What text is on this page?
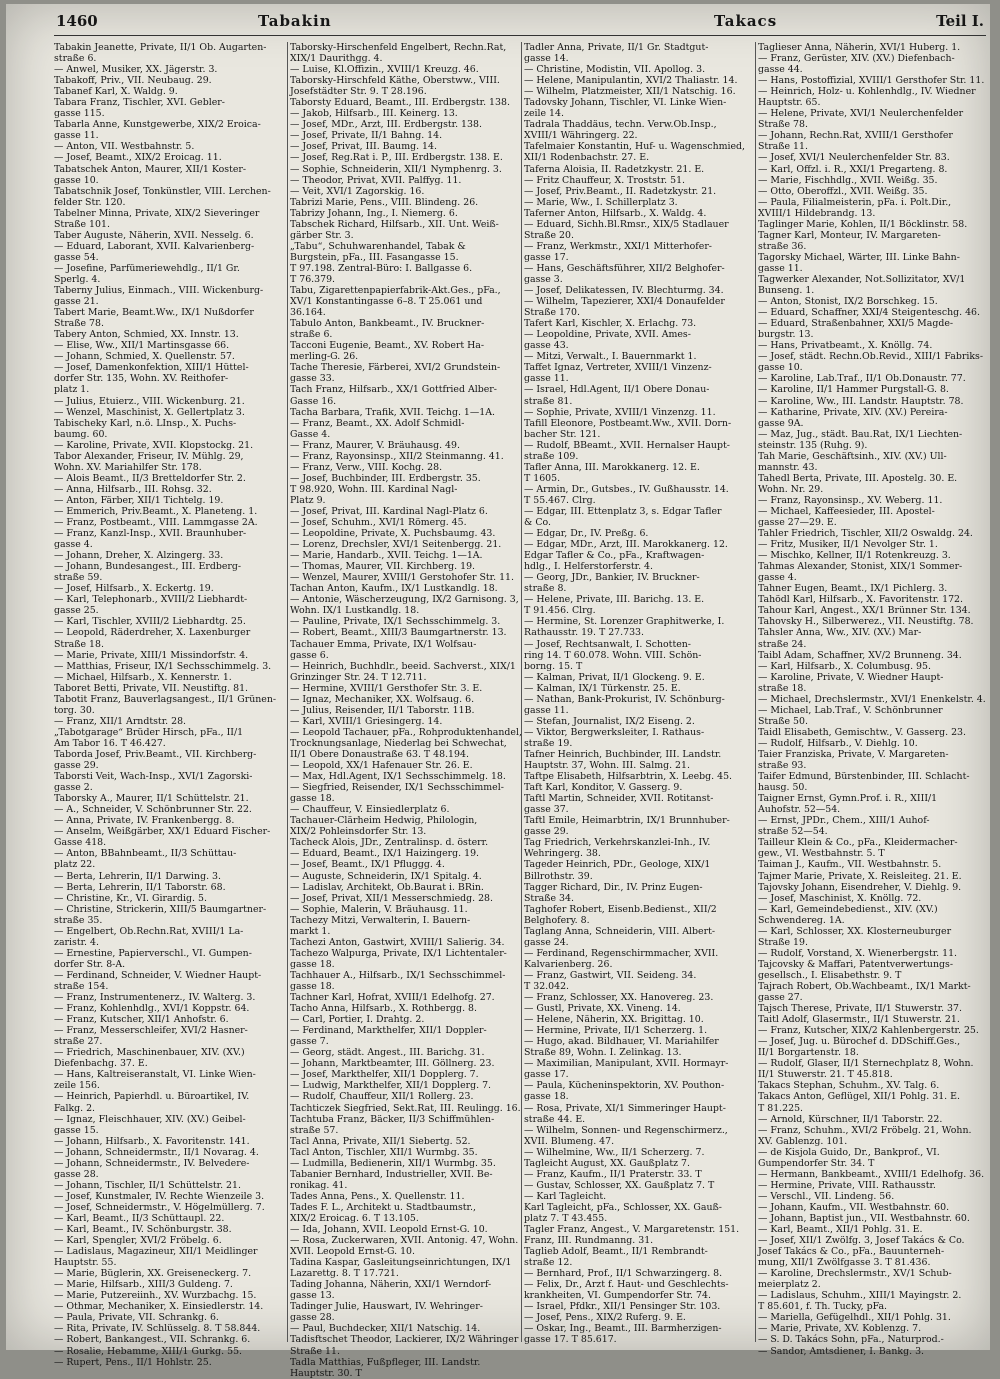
1460	Tabakin	Takacs	Teil I.
Tabakin Jeanette, Private, II/1 Ob. Augarten-
straße 6.
— Anwel, Musiker, XX. Jägerstr. 3.
Tabakoff, Priv., VII. Neubaug. 29.
Tabanef Karl, X. Waldg. 9.
Tabara Franz, Tischler, XVI. Gebler-
gasse 115.
Tabarla Anne, Kunstgewerbe, XIX/2 Eroica-
gasse 11.
— Anton, VII. Westbahnstr. 5.
— Josef, Beamt., XIX/2 Eroicag. 11.
Tabatschek Anton, Maurer, XII/1 Koster-
gasse 10.
Tabatschnik Josef, Tonkünstler, VIII. Lerchen-
felder Str. 120.
Tabelner Minna, Private, XIX/2 Sieveringer
Straße 101.
Taber Auguste, Näherin, XVII. Nesselg. 6.
— Eduard, Laborant, XVII. Kalvarienberg-
gasse 54.
— Josefine, Parfümeriewehdlg., II/1 Gr.
Sperlg. 4.
Taberny Julius, Einmach., VIII. Wickenburg-
gasse 21.
Tabert Marie, Beamt.Ww., IX/1 Nußdorfer
Straße 78.
Tabery Anton, Schmied, XX. Innstr. 13.
— Elise, Ww., XII/1 Martinsgasse 66.
— Johann, Schmied, X. Quellenstr. 57.
— Josef, Damenkonfektion, XIII/1 Hüttel-
dorfer Str. 135, Wohn. XV. Reithofer-
platz 1.
— Julius, Etuierz., VIII. Wickenburg. 21.
— Wenzel, Maschinist, X. Gellertplatz 3.
Tabischeky Karl, n.ö. LInsp., X. Puchs-
baumg. 60.
— Karoline, Private, XVII. Klopstockg. 21.
Tabor Alexander, Friseur, IV. Mühlg. 29,
Wohn. XV. Mariahilfer Str. 178.
— Alois Beamt., II/3 Bretteldorfer Str. 2.
— Anna, Hilfsarb., III. Rohsg. 32.
— Anton, Färber, XII/1 Tichtelg. 19.
— Emmerich, Priv.Beamt., X. Planeteng. 1.
— Franz, Postbeamt., VIII. Lammgasse 2A.
— Franz, Kanzl-Insp., XVII. Braunhuber-
gasse 4.
— Johann, Dreher, X. Alzingerg. 33.
— Johann, Bundesangest., III. Erdberg-
straße 59.
— Josef, Hilfsarb., X. Eckertg. 19.
— Karl, Telephonarb., XVIII/2 Liebhardt-
gasse 25.
— Karl, Tischler, XVIII/2 Liebhardtg. 25.
— Leopold, Räderdreher, X. Laxenburger
Straße 18.
— Marie, Private, XIII/1 Missindorfstr. 4.
— Matthias, Friseur, IX/1 Sechsschimmelg. 3.
— Michael, Hilfsarb., X. Kennerstr. 1.
Taboret Betti, Private, VII. Neustiftg. 81.
Tabotit Franz, Bauverlagsangest., II/1 Grünen-
torg. 30.
— Franz, XII/1 Arndtstr. 28.
„Tabotgarage“ Brüder Hirsch, pFa., II/1
Am Tabor 16. T 46.427.
Taborda Josef, Priv.Beamt., VII. Kirchberg-
gasse 29.
Taborsti Veit, Wach-Insp., XVI/1 Zagorski-
gasse 2.
Taborsky A., Maurer, II/1 Schüttelstr. 21.
— A., Schneider, V. Schönbrunner Str. 22.
— Anna, Private, IV. Frankenbergg. 8.
— Anselm, Weißgärber, XX/1 Eduard Fischer-
Gasse 418.
— Anton, BBahnbeamt., II/3 Schüttau-
platz 22.
— Berta, Lehrerin, II/1 Darwing. 3.
— Berta, Lehrerin, II/1 Taborstr. 68.
— Christine, Kr., VI. Girardig. 5.
— Christine, Strickerin, XIII/5 Baumgartner-
straße 35.
— Engelbert, Ob.Rechn.Rat, XVIII/1 La-
zaristr. 4.
— Ernestine, Papierverschl., VI. Gumpen-
dorfer Str. 8-A.
— Ferdinand, Schneider, V. Wiedner Haupt-
straße 154.
— Franz, Instrumentenerz., IV. Walterg. 3.
— Franz, Kohlenhdlg., XVI/1 Koppstr. 64.
— Franz, Kutscher, XII/1 Anhofstr. 6.
— Franz, Messerschleifer, XVI/2 Hasner-
straße 27.
— Friedrich, Maschinenbauer, XIV. (XV.)
Diefenbachg. 37. E.
— Hans, Kaltreiseranstalt, VI. Linke Wien-
zeile 156.
— Heinrich, Papierhdl. u. Büroartikel, IV.
Falkg. 2.
— Ignaz, Fleischhauer, XIV. (XV.) Geibel-
gasse 15.
— Johann, Hilfsarb., X. Favoritenstr. 141.
— Johann, Schneidermstr., II/1 Novarag. 4.
— Johann, Schneidermstr., IV. Belvedere-
gasse 28.
— Johann, Tischler, II/1 Schüttelstr. 21.
— Josef, Kunstmaler, IV. Rechte Wienzeile 3.
— Josef, Schneidermstr., V. Högelmüllerg. 7.
— Karl, Beamt., II/3 Schüttaupl. 22.
— Karl, Beamt., IV. Schönburgstr. 38.
— Karl, Spengler, XVI/2 Fröbelg. 6.
— Ladislaus, Magazineur, XII/1 Meidlinger
Hauptstr. 55.
— Marie, Büglerin, XX. Greiseneckerg. 7.
— Marie, Hilfsarb., XIII/3 Guldeng. 7.
— Marie, Putzereiinh., XV. Wurzbachg. 15.
— Othmar, Mechaniker, X. Einsiedlerstr. 14.
— Paula, Private, VII. Schrankg. 6.
— Rita, Private, IV. Schlüsselg. 8. T 58.844.
— Robert, Bankangest., VII. Schrankg. 6.
— Rosalie, Hebamme, XIII/1 Gurkg. 55.
— Rupert, Pens., II/1 Hohlstr. 25.
Taborsky-Hirschenfeld Engelbert, Rechn.Rat,
XIX/1 Daurithgg. 4.
— Luise, Kl.Offizin., XVIII/1 Kreuzg. 46.
Taborsky-Hirschfeld Käthe, Oberstww., VIII.
Josefstädter Str. 9. T 28.196.
Taborsty Eduard, Beamt., III. Erdbergstr. 138.
— Jakob, Hilfsarb., III. Keinerg. 13.
— Josef, MDr., Arzt, III. Erdbergstr. 138.
— Josef, Private, II/1 Bahng. 14.
— Josef, Privat, III. Baumg. 14.
— Josef, Reg.Rat i. P., III. Erdbergstr. 138. E.
— Sophie, Schneiderin, XII/1 Nymphenrg. 3.
— Theodor, Privat, XVII. Palffyg. 11.
— Veit, XVI/1 Zagorskig. 16.
Tabrizi Marie, Pens., VIII. Blindeng. 26.
Tabrizy Johann, Ing., I. Niemerg. 6.
Tabschek Richard, Hilfsarb., XII. Unt. Weiß-
gärber Str. 3.
„Tabu“, Schuhwarenhandel, Tabak &
Burgstein, pFa., III. Fasangasse 15.
T 97.198. Zentral-Büro: I. Ballgasse 6.
T 76.379.
Tabu, Zigarettenpapierfabrik-Akt.Ges., pFa.,
XV/1 Konstantingasse 6–8. T 25.061 und
36.164.
Tabulo Anton, Bankbeamt., IV. Bruckner-
straße 6.
Tacconi Eugenie, Beamt., XV. Robert Ha-
merling-G. 26.
Tache Theresie, Färberei, XVI/2 Grundstein-
gasse 33.
Tach Franz, Hilfsarb., XX/1 Gottfried Alber-
Gasse 16.
Tacha Barbara, Trafik, XVII. Teichg. 1—1A.
— Franz, Beamt., XX. Adolf Schmidl-
Gasse 4.
— Franz, Maurer, V. Bräuhausg. 49.
— Franz, Rayonsinsp., XII/2 Steinmanng. 41.
— Franz, Verw., VIII. Kochg. 28.
— Josef, Buchbinder, III. Erdbergstr. 35.
T 98.920, Wohn. III. Kardinal Nagl-
Platz 9.
— Josef, Privat, III. Kardinal Nagl-Platz 6.
— Josef, Schuhm., XVI/1 Römerg. 45.
— Leopoldine, Private, X. Puchsbaumg. 43.
— Lorenz, Drechsler, XVI/1 Seitenbergg. 21.
— Marie, Handarb., XVII. Teichg. 1—1A.
— Thomas, Maurer, VII. Kirchberg. 19.
— Wenzel, Maurer, XVIII/1 Gerstohofer Str. 11.
Tachan Anton, Kaufm., IX/1 Lustkandlg. 18.
— Antonie, Wäscherzeugung, IX/2 Garnisong. 3,
Wohn. IX/1 Lustkandlg. 18.
— Pauline, Private, IX/1 Sechsschimmelg. 3.
— Robert, Beamt., XIII/3 Baumgartnerstr. 13.
Tachauer Emma, Private, IX/1 Wolfsau-
gasse 6.
— Heinrich, Buchhdlr., beeid. Sachverst., XIX/1
Grinzinger Str. 24. T 12.711.
— Hermine, XVIII/1 Gersthofer Str. 3. E.
— Ignaz, Mechaniker, XX. Wolfsaug. 6.
— Julius, Reisender, II/1 Taborstr. 11B.
— Karl, XVIII/1 Griesingerg. 14.
— Leopold Tachauer, pFa., Rohproduktenhandel,
Trocknungsanlage, Niederlag bei Schwechat,
II/1 Obere Donaustraße 63. T 48.194.
— Leopold, XX/1 Hafenauer Str. 26. E.
— Max, Hdl.Agent, IX/1 Sechsschimmelg. 18.
— Siegfried, Reisender, IX/1 Sechsschimmel-
gasse 18.
— Chauffeur, V. Einsiedlerplatz 6.
Tachauer-Clärheim Hedwig, Philologin,
XIX/2 Pohleinsdorfer Str. 13.
Tacheck Alois, JDr., Zentralinsp. d. österr.
— Eduard, Beamt., IX/1 Haizingerg. 19.
— Josef, Beamt., IX/1 Pfluggg. 4.
— Auguste, Schneiderin, IX/1 Spitalg. 4.
— Ladislav, Architekt, Ob.Baurat i. BRin.
— Josef, Privat, XII/1 Messerschmiedg. 28.
— Sophie, Malerin, V. Bräuhausg. 11.
Tachezy Mitzi, Verwalterin, I. Bauern-
markt 1.
Tachezi Anton, Gastwirt, XVIII/1 Salierig. 34.
Tachezo Walpurga, Private, IX/1 Lichtentaler-
gasse 18.
Tachhauer A., Hilfsarb., IX/1 Sechsschimmel-
gasse 18.
Tachner Karl, Hofrat, XVIII/1 Edelhofg. 27.
Tacho Anna, Hilfsarb., X. Rothbergg. 8.
— Carl, Portier, I. Drahtg. 2.
— Ferdinand, Markthelfer, XII/1 Doppler-
gasse 7.
— Georg, städt. Angest., III. Barichg. 31.
— Johann, Marktbeamter, III. Göllnerg. 23.
— Josef, Markthelfer, XII/1 Dopplerg. 7.
— Ludwig, Markthelfer, XII/1 Dopplerg. 7.
— Rudolf, Chauffeur, XII/1 Rollerg. 23.
Tachticzek Siegfried, Sekt.Rat, III. Reulingg. 16.
Tachtuba Franz, Bäcker, II/3 Schiffmühlen-
straße 57.
Tacl Anna, Private, XII/1 Siebertg. 52.
Tacl Anton, Tischler, XII/1 Wurmbg. 35.
— Ludmilla, Bedienerin, XII/1 Wurmbg. 35.
Tabanier Bernhard, Industrieller, XVII. Be-
ronikag. 41.
Tades Anna, Pens., X. Quellenstr. 11.
Tades F. L., Architekt u. Stadtbaumstr.,
XIX/2 Eroicag. 6. T 13.105.
— Ida, Johann, XVII. Leopold Ernst-G. 10.
— Rosa, Zuckerwaren, XVII. Antonig. 47, Wohn.
XVII. Leopold Ernst-G. 10.
Tadina Kaspar, Gasleitungseinrichtungen, IX/1
Lazarettg. 8. T 17.721.
Tading Johanna, Näherin, XXI/1 Werndorf-
gasse 13.
Tadinger Julie, Hauswart, IV. Wehringer-
gasse 28.
— Paul, Buchdecker, XII/1 Natschig. 14.
Tadisftschet Theodor, Lackierer, IX/2 Währinger
Straße 11.
Tadla Matthias, Fußpfleger, III. Landstr.
Hauptstr. 30. T
Tadler Anna, Private, II/1 Gr. Stadtgut-
gasse 14.
— Christine, Modistin, VII. Apollog. 3.
— Helene, Manipulantin, XVI/2 Thaliastr. 14.
— Wilhelm, Platzmeister, XII/1 Natschig. 16.
Tadovsky Johann, Tischler, VI. Linke Wien-
zeile 14.
Tadrala Thaddäus, techn. Verw.Ob.Insp.,
XVIII/1 Währingerg. 22.
Tafelmaier Konstantin, Huf- u. Wagenschmied,
XII/1 Rodenbachstr. 27. E.
Taferna Aloisia, II. Radetzkystr. 21. E.
— Fritz Chauffeur, X. Troststr. 51.
— Josef, Priv.Beamt., II. Radetzkystr. 21.
— Marie, Ww., I. Schillerplatz 3.
Taferner Anton, Hilfsarb., X. Waldg. 4.
— Eduard, Sichh.Bl.Rmsr., XIX/5 Stadlauer
Straße 20.
— Franz, Werkmstr., XXI/1 Mitterhofer-
gasse 17.
— Hans, Geschäftsführer, XII/2 Belghofer-
gasse 3.
— Josef, Delikatessen, IV. Blechturmg. 34.
— Wilhelm, Tapezierer, XXI/4 Donaufelder
Straße 170.
Tafert Karl, Kischler, X. Erlachg. 73.
— Leopoldine, Private, XVII. Ames-
gasse 43.
— Mitzi, Verwalt., I. Bauernmarkt 1.
Taffet Ignaz, Vertreter, XVIII/1 Vinzenz-
gasse 11.
— Israel, Hdl.Agent, II/1 Obere Donau-
straße 81.
— Sophie, Private, XVIII/1 Vinzenzg. 11.
Tafill Eleonore, Postbeamt.Ww., XVII. Dorn-
bacher Str. 121.
— Rudolf, BBeamt., XVII. Hernalser Haupt-
straße 109.
Tafler Anna, III. Marokkanerg. 12. E.
T 1605.
— Armin, Dr., Gutsbes., IV. Gußhausstr. 14.
T 55.467. Clrg.
— Edgar, III. Ettenplatz 3, s. Edgar Tafler
& Co.
— Edgar, Dr., IV. Preßg. 6.
— Edgar, MDr., Arzt, III. Marokkanerg. 12.
Edgar Tafler & Co., pFa., Kraftwagen-
hdlg., I. Helferstorferstr. 4.
— Georg, JDr., Bankier, IV. Bruckner-
straße 8.
— Helene, Private, III. Barichg. 13. E.
T 91.456. Clrg.
— Hermine, St. Lorenzer Graphitwerke, I.
Rathausstr. 19. T 27.733.
— Josef, Rechtsanwalt, I. Schotten-
ring 14. T 60.078. Wohn. VIII. Schön-
borng. 15. T
— Kalman, Privat, II/1 Glockeng. 9. E.
— Kalman, IX/1 Türkenstr. 25. E.
— Nathan, Bank-Prokurist, IV. Schönburg-
gasse 11.
— Stefan, Journalist, IX/2 Eiseng. 2.
— Viktor, Bergwerksleiter, I. Rathaus-
straße 19.
Tafner Heinrich, Buchbinder, III. Landstr.
Hauptstr. 37, Wohn. III. Salmg. 21.
Taftpe Elisabeth, Hilfsarbtrin, X. Leebg. 45.
Taft Karl, Konditor, V. Gasserg. 9.
Taftl Martin, Schneider, XVII. Rotitanst-
gasse 37.
Taftl Emile, Heimarbtrin, IX/1 Brunnhuber-
gasse 29.
Tag Friedrich, Verkehrskanzlei-Inh., IV.
Wehringerg. 38.
Tageder Heinrich, PDr., Geologe, XIX/1
Billrothstr. 39.
Tagger Richard, Dir., IV. Prinz Eugen-
Straße 34.
Taghofer Robert, Eisenb.Bedienst., XII/2
Belghofery. 8.
Taglang Anna, Schneiderin, VIII. Albert-
gasse 24.
— Ferdinand, Regenschirmmacher, XVII.
Kalvarienberg. 26.
— Franz, Gastwirt, VII. Seideng. 34.
T 32.042.
— Franz, Schlosser, XX. Hanovereg. 23.
— Gustl, Private, XX. Vineng. 14.
— Helene, Näherin, XX. Brigittag. 10.
— Hermine, Private, II/1 Scherzerg. 1.
— Hugo, akad. Bildhauer, VI. Mariahilfer
Straße 89, Wohn. I. Zelinkag. 13.
— Maximilian, Manipulant, XVII. Hormayr-
gasse 17.
— Paula, Kücheninspektorin, XV. Pouthon-
gasse 18.
— Rosa, Private, XI/1 Simmeringer Haupt-
straße 44. E.
— Wilhelm, Sonnen- und Regenschirmerz.,
XVII. Blumeng. 47.
— Wilhelmine, Ww., II/1 Scherzerg. 7.
Tagleicht August, XX. Gaußplatz 7.
— Franz, Kaufm., II/1 Praterstr. 33. T
— Gustav, Schlosser, XX. Gaußplatz 7. T
— Karl Tagleicht.
Karl Tagleicht, pFa., Schlosser, XX. Gauß-
platz 7. T 43.455.
Tagler Franz, Angest., V. Margaretenstr. 151.
Franz, III. Rundmanng. 31.
Taglieb Adolf, Beamt., II/1 Rembrandt-
straße 12.
— Bernhard, Prof., II/1 Schwarzingerg. 8.
— Felix, Dr., Arzt f. Haut- und Geschlechts-
krankheiten, VI. Gumpendorfer Str. 74.
— Israel, Pfdkr., XII/1 Pensinger Str. 103.
— Josef, Pens., XIX/2 Ruferg. 9. E.
— Oskar, Ing., Beamt., III. Barmherzigen-
gasse 17. T 85.617.
Taglieser Anna, Näherin, XVI/1 Huberg. 1.
— Franz, Gerüster, XIV. (XV.) Diefenbach-
gasse 44.
— Hans, Postoffizial, XVIII/1 Gersthofer Str. 11.
— Heinrich, Holz- u. Kohlenhdlg., IV. Wiedner
Hauptstr. 65.
— Helene, Private, XVI/1 Neulerchenfelder
Straße 78.
— Johann, Rechn.Rat, XVIII/1 Gersthofer
Straße 11.
— Josef, XVI/1 Neulerchenfelder Str. 83.
— Karl, Offzl. i. R., XXI/1 Pregarteng. 8.
— Marie, Fischhdlg., XVII. Weißg. 35.
— Otto, Oberoffzl., XVII. Weißg. 35.
— Paula, Filialmeisterin, pFa. i. Polt.Dir.,
XVIII/1 Hildebrandg. 13.
Taglinger Marie, Kohlen, II/1 Böcklinstr. 58.
Tagner Karl, Monteur, IV. Margareten-
straße 36.
Tagorsky Michael, Wärter, III. Linke Bahn-
gasse 11.
Tagwerker Alexander, Not.Sollizitator, XV/1
Bunseng. 1.
— Anton, Stonist, IX/2 Borschkeg. 15.
— Eduard, Schaffner, XXI/4 Steigenteschg. 46.
— Eduard, Straßenbahner, XXI/5 Magde-
burgstr. 13.
— Hans, Privatbeamt., X. Knöllg. 74.
— Josef, städt. Rechn.Ob.Revid., XIII/1 Fabriks-
gasse 10.
— Karoline, Lab.Traf., II/1 Ob.Donaustr. 77.
— Karoline, II/1 Hammer Purgstall-G. 8.
— Karoline, Ww., III. Landstr. Hauptstr. 78.
— Katharine, Private, XIV. (XV.) Pereira-
gasse 9A.
— Maz, Jug., städt. Bau.Rat, IX/1 Liechten-
steinstr. 135 (Ruhg. 9).
Tah Marie, Geschäftsinh., XIV. (XV.) Ull-
mannstr. 43.
Tahedl Berta, Private, III. Apostelg. 30. E.
Wohn. Nr. 29.
— Franz, Rayonsinsp., XV. Weberg. 11.
— Michael, Kaffeesieder, III. Apostel-
gasse 27—29. E.
Tahler Friedrich, Tischler, XII/2 Oswaldg. 24.
— Fritz, Musiker, II/1 Nevolger Str. 1.
— Mischko, Kellner, II/1 Rotenkreuzg. 3.
Tahmas Alexander, Stonist, XIX/1 Sommer-
gasse 4.
Tahner Eugen, Beamt., IX/1 Pichlerg. 3.
Tahödl Karl, Hilfsarb., X. Favoritenstr. 172.
Tahour Karl, Angest., XX/1 Brünner Str. 134.
Tahovsky H., Silberwerez., VII. Neustiftg. 78.
Tahsler Anna, Ww., XIV. (XV.) Mar-
straße 24.
Taibl Adam, Schaffner, XV/2 Brunneng. 34.
— Karl, Hilfsarb., X. Columbusg. 95.
— Karoline, Private, V. Wiedner Haupt-
straße 18.
— Michael, Drechslermstr., XVI/1 Enenkelstr. 4.
— Michael, Lab.Traf., V. Schönbrunner
Straße 50.
Taidl Elisabeth, Gemischtw., V. Gasserg. 23.
— Rudolf, Hilfsarb., V. Diehlg. 10.
Taier Franziska, Private, V. Margareten-
straße 93.
Taifer Edmund, Bürstenbinder, III. Schlacht-
hausg. 50.
Taigner Ernst, Gymn.Prof. i. R., XIII/1
Auhofstr. 52—54.
— Ernst, JPDr., Chem., XIII/1 Auhof-
straße 52—54.
Tailleur Klein & Co., pFa., Kleidermacher-
gew., VI. Westbahnstr. 5. T
Taiman J., Kaufm., VII. Westbahnstr. 5.
Tajmer Marie, Private, X. Reisleiteg. 21. E.
Tajovsky Johann, Eisendreher, V. Diehlg. 9.
— Josef, Maschinist, X. Knöllg. 72.
— Karl, Gemeindebedienst., XIV. (XV.)
Schwendereg. 1A.
— Karl, Schlosser, XX. Klosterneuburger
Straße 19.
— Rudolf, Vorstand, X. Wienerbergstr. 11.
Tajcovsky & Maffari, Patentverwertungs-
gesellsch., I. Elisabethstr. 9. T
Tajrach Robert, Ob.Wachbeamt., IX/1 Markt-
gasse 27.
Tajsch Therese, Private, II/1 Stuwerstr. 37.
Taitl Adolf, Glasermstr., II/1 Stuwerstr. 21.
— Franz, Kutscher, XIX/2 Kahlenbergerstr. 25.
— Josef, Jug. u. Bürochef d. DDSchiff.Ges.,
II/1 Borgartenstr. 18.
— Rudolf, Glaser, II/1 Sternechplatz 8, Wohn.
II/1 Stuwerstr. 21. T 45.818.
Takacs Stephan, Schuhm., XV. Talg. 6.
Takacs Anton, Geflügel, XII/1 Pohlg. 31. E.
T 81.225.
— Arnold, Kürschner, II/1 Taborstr. 22.
— Franz, Schuhm., XVI/2 Fröbelg. 21, Wohn.
XV. Gablenzg. 101.
— de Kisjola Guido, Dr., Bankprof., VI.
Gumpendorfer Str. 34. T
— Hermann, Bankbeamt., XVIII/1 Edelhofg. 36.
— Hermine, Private, VIII. Rathausstr.
— Verschl., VII. Lindeng. 56.
— Johann, Kaufm., VII. Westbahnstr. 60.
— Johann, Baptist jun., VII. Westbahnstr. 60.
— Karl, Beamt., XII/1 Pohlg. 31. E.
— Josef, XII/1 Zwölfg. 3, Josef Takács & Co.
Josef Takács & Co., pFa., Bauunterneh-
mung, XII/1 Zwölfgasse 3. T 81.436.
— Karoline, Drechslermstr., XV/1 Schub-
meierplatz 2.
— Ladislaus, Schuhm., XIII/1 Mayingstr. 2.
T 85.601, f. Th. Tucky, pFa.
— Mariella, Gefügelhdl., XII/1 Pohlg. 31.
— Marie, Private, XV. Koblenzg. 7.
— S. D. Takács Sohn, pFa., Naturprod.-
— Sandor, Amtsdiener, I. Bankg. 3.
